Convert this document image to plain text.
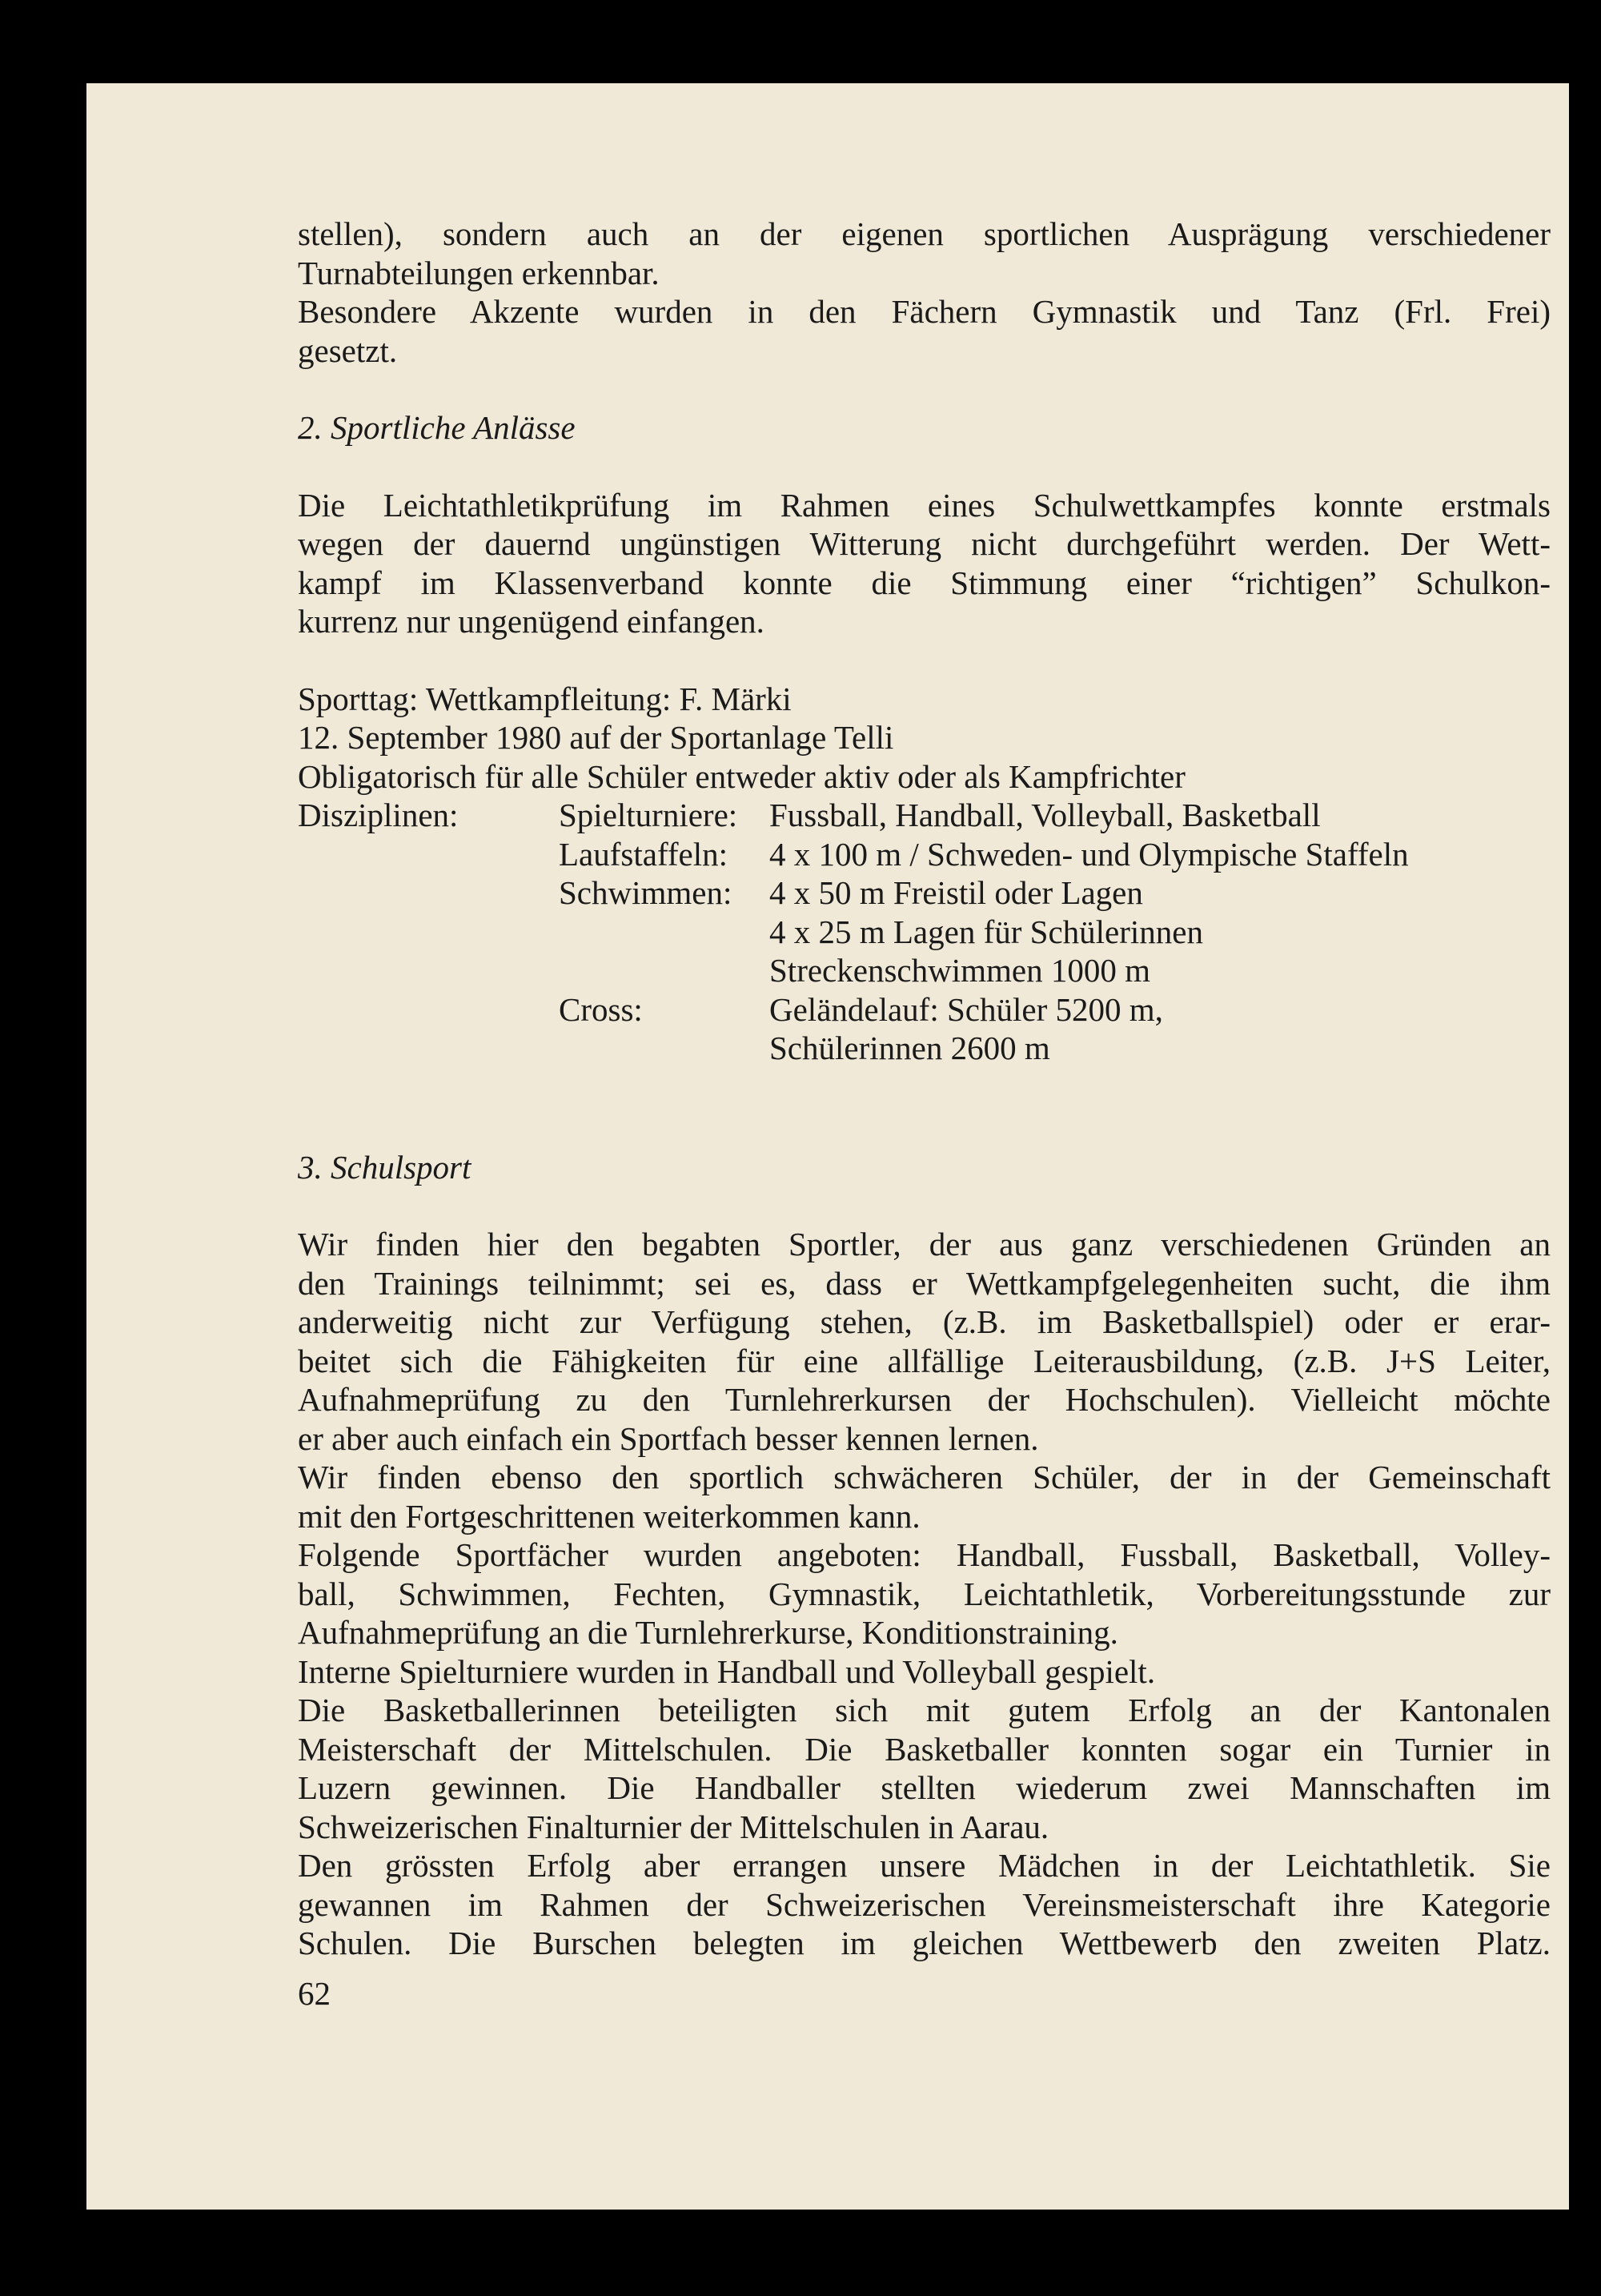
stellen), sondern auch an der eigenen sportlichen Ausprägung verschiedener
Turnabteilungen erkennbar.
Besondere Akzente wurden in den Fächern Gymnastik und Tanz (Frl. Frei)
gesetzt.
2. Sportliche Anlässe
Die Leichtathletikprüfung im Rahmen eines Schulwettkampfes konnte erstmals
wegen der dauernd ungünstigen Witterung nicht durchgeführt werden. Der Wett-
kampf im Klassenverband konnte die Stimmung einer “richtigen” Schulkon-
kurrenz nur ungenügend einfangen.
Sporttag: Wettkampfleitung: F. Märki
12. September 1980 auf der Sportanlage Telli
Obligatorisch für alle Schüler entweder aktiv oder als Kampfrichter
Disziplinen:	Spielturniere: Fussball, Handball, Volleyball, Basketball
Laufstaffeln: 4 x 100 m / Schweden- und Olympische Staffeln
Schwimmen: 4 x 50 m Freistil oder Lagen
4 x 25 m Lagen für Schülerinnen
Streckenschwimmen 1000 m
Cross:	Geländelauf: Schüler 5200 m,
Schülerinnen 2600 m
3. Schulsport
Wir finden hier den begabten Sportler, der aus ganz verschiedenen Gründen an
den Trainings teilnimmt; sei es, dass er Wettkampfgelegenheiten sucht, die ihm
anderweitig nicht zur Verfügung stehen, (z.B. im Basketballspiel) oder er erar-
beitet sich die Fähigkeiten für eine allfällige Leiterausbildung, (z.B. J+S Leiter,
Aufnahmeprüfung zu den Turnlehrerkursen der Hochschulen). Vielleicht möchte
er aber auch einfach ein Sportfach besser kennen lernen.
Wir finden ebenso den sportlich schwächeren Schüler, der in der Gemeinschaft
mit den Fortgeschrittenen weiterkommen kann.
Folgende Sportfächer wurden angeboten: Handball, Fussball, Basketball, Volley-
ball, Schwimmen, Fechten, Gymnastik, Leichtathletik, Vorbereitungsstunde zur
Aufnahmeprüfung an die Turnlehrerkurse, Konditionstraining.
Interne Spielturniere wurden in Handball und Volleyball gespielt.
Die Basketballerinnen beteiligten sich mit gutem Erfolg an der Kantonalen
Meisterschaft der Mittelschulen. Die Basketballer konnten sogar ein Turnier in
Luzern gewinnen. Die Handballer stellten wiederum zwei Mannschaften im
Schweizerischen Finalturnier der Mittelschulen in Aarau.
Den grössten Erfolg aber errangen unsere Mädchen in der Leichtathletik. Sie
gewannen im Rahmen der Schweizerischen Vereinsmeisterschaft ihre Kategorie
Schulen. Die Burschen belegten im gleichen Wettbewerb den zweiten Platz.
62
